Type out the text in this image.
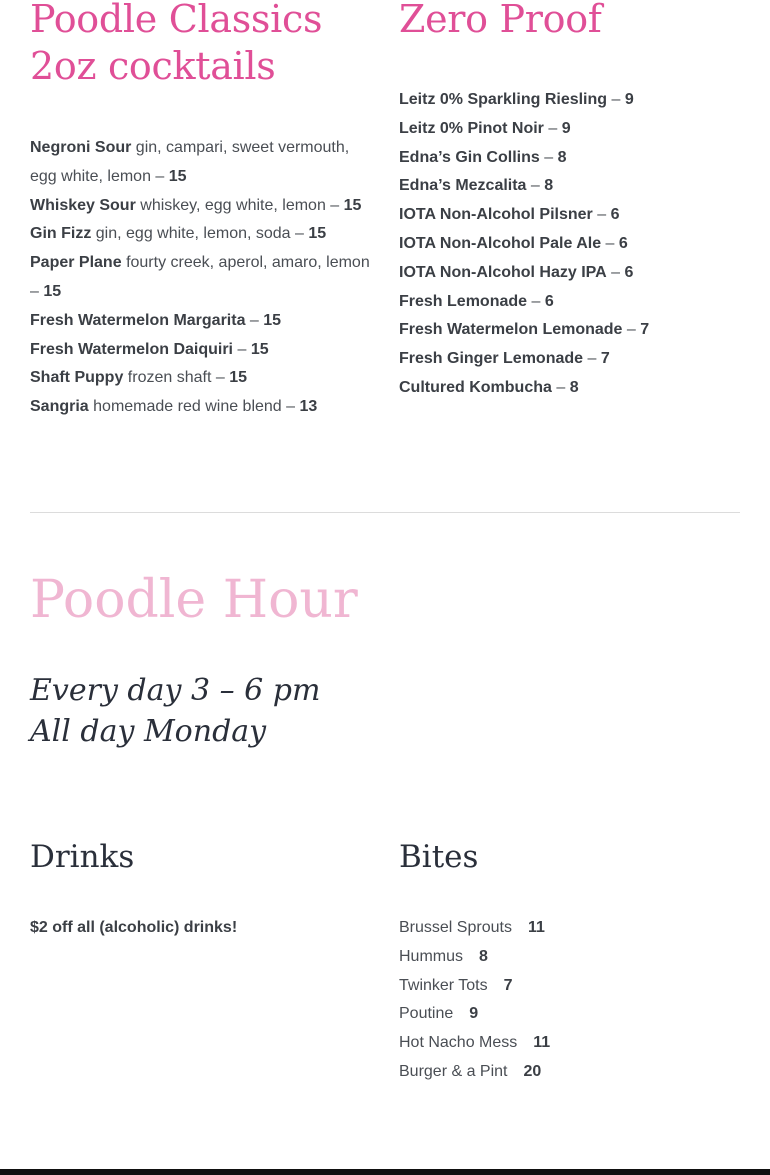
Poodle Classics
2oz cocktails
Zero Proof
Negroni Sour gin, campari, sweet vermouth, egg white, lemon – 15
Whiskey Sour whiskey, egg white, lemon – 15
Gin Fizz gin, egg white, lemon, soda – 15
Paper Plane fourty creek, aperol, amaro, lemon – 15
Fresh Watermelon Margarita – 15
Fresh Watermelon Daiquiri – 15
Shaft Puppy frozen shaft – 15
Sangria homemade red wine blend – 13
Leitz 0% Sparkling Riesling – 9
Leitz 0% Pinot Noir – 9
Edna’s Gin Collins – 8
Edna’s Mezcalita – 8
IOTA Non-Alcohol Pilsner – 6
IOTA Non-Alcohol Pale Ale – 6
IOTA Non-Alcohol Hazy IPA – 6
Fresh Lemonade – 6
Fresh Watermelon Lemonade – 7
Fresh Ginger Lemonade – 7
Cultured Kombucha – 8
Poodle Hour
Every day 3 – 6 pm
All day Monday
Drinks
$2 off all (alcoholic) drinks!
Bites
Brussel Sprouts 11
Hummus 8
Twinker Tots 7
Poutine 9
Hot Nacho Mess 11
Burger & a Pint 20
